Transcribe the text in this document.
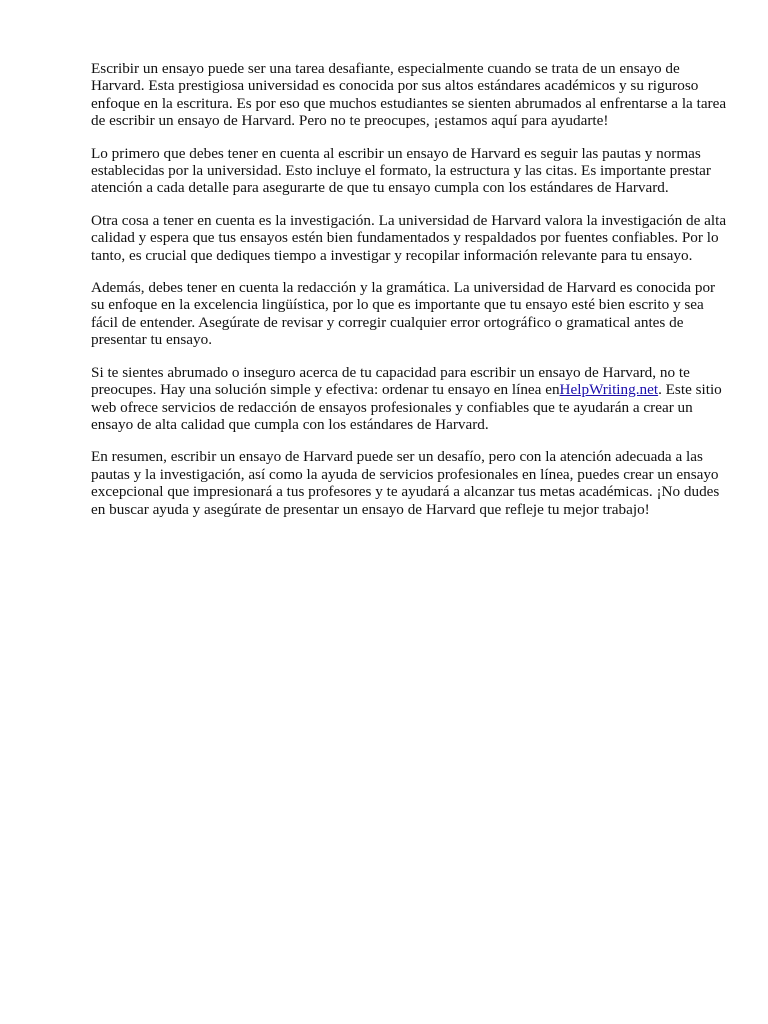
Escribir un ensayo puede ser una tarea desafiante, especialmente cuando se trata de un ensayo de Harvard. Esta prestigiosa universidad es conocida por sus altos estándares académicos y su riguroso enfoque en la escritura. Es por eso que muchos estudiantes se sienten abrumados al enfrentarse a la tarea de escribir un ensayo de Harvard. Pero no te preocupes, ¡estamos aquí para ayudarte!

Lo primero que debes tener en cuenta al escribir un ensayo de Harvard es seguir las pautas y normas establecidas por la universidad. Esto incluye el formato, la estructura y las citas. Es importante prestar atención a cada detalle para asegurarte de que tu ensayo cumpla con los estándares de Harvard.

Otra cosa a tener en cuenta es la investigación. La universidad de Harvard valora la investigación de alta calidad y espera que tus ensayos estén bien fundamentados y respaldados por fuentes confiables. Por lo tanto, es crucial que dediques tiempo a investigar y recopilar información relevante para tu ensayo.

Además, debes tener en cuenta la redacción y la gramática. La universidad de Harvard es conocida por su enfoque en la excelencia lingüística, por lo que es importante que tu ensayo esté bien escrito y sea fácil de entender. Asegúrate de revisar y corregir cualquier error ortográfico o gramatical antes de presentar tu ensayo.

Si te sientes abrumado o inseguro acerca de tu capacidad para escribir un ensayo de Harvard, no te preocupes. Hay una solución simple y efectiva: ordenar tu ensayo en línea enHelpWriting.net. Este sitio web ofrece servicios de redacción de ensayos profesionales y confiables que te ayudarán a crear un ensayo de alta calidad que cumpla con los estándares de Harvard.

En resumen, escribir un ensayo de Harvard puede ser un desafío, pero con la atención adecuada a las pautas y la investigación, así como la ayuda de servicios profesionales en línea, puedes crear un ensayo excepcional que impresionará a tus profesores y te ayudará a alcanzar tus metas académicas. ¡No dudes en buscar ayuda y asegúrate de presentar un ensayo de Harvard que refleje tu mejor trabajo!
